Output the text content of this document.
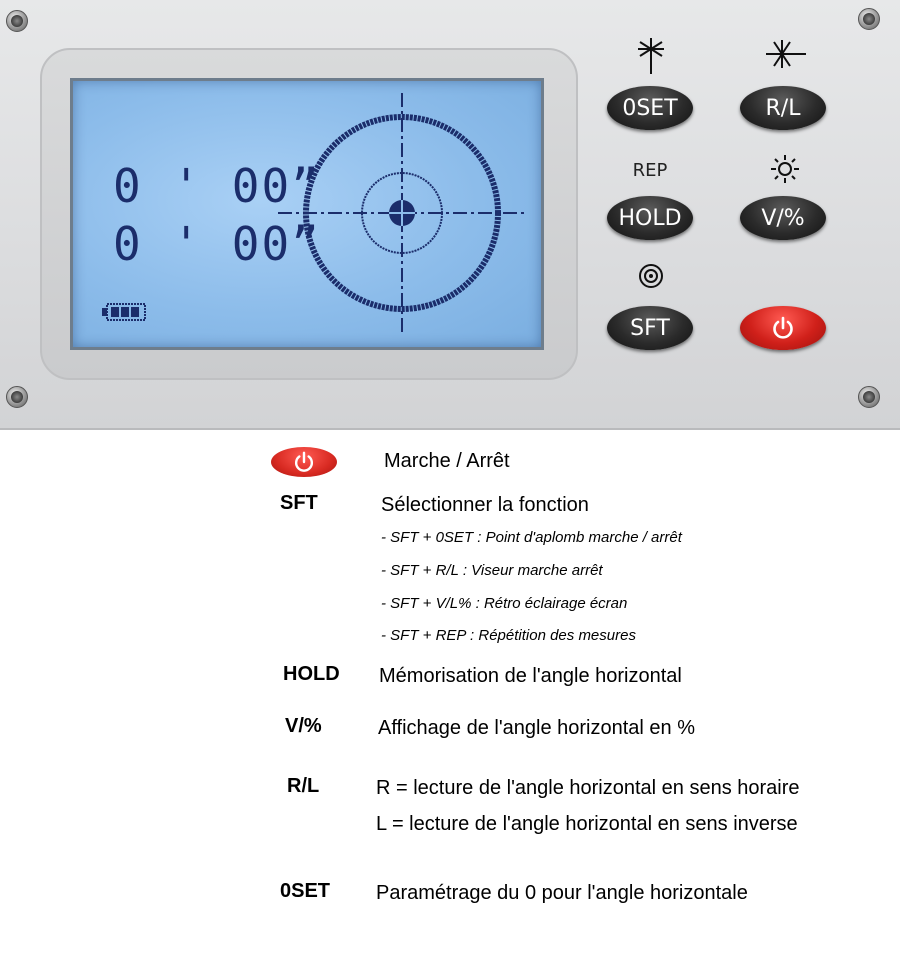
0 ' 00”
0 ' 00”
0SET	R/L
REP
HOLD	V/%
SFT
Marche / Arrêt
SFT	Sélectionner la fonction
- SFT + 0SET : Point d'aplomb marche / arrêt
- SFT + R/L : Viseur marche arrêt
- SFT + V/L% : Rétro éclairage écran
- SFT + REP : Répétition des mesures
HOLD Mémorisation de l'angle horizontal
V/%	Affichage de l'angle horizontal en %
R/L	R = lecture de l'angle horizontal en sens horaire
L = lecture de l'angle horizontal en sens inverse
0SET Paramétrage du 0 pour l'angle horizontale
